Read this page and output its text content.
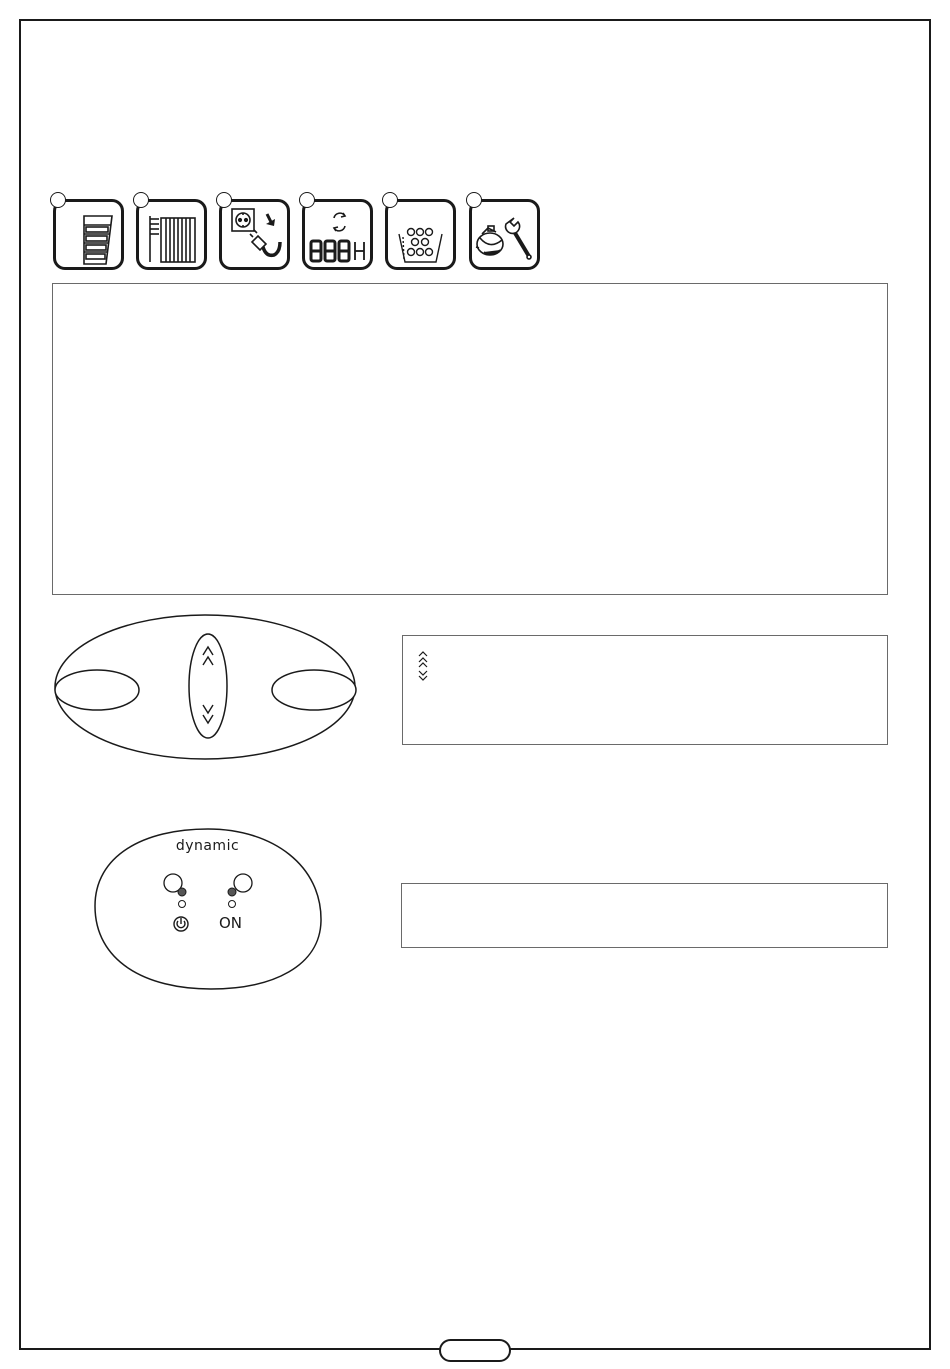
dynamic
ON
